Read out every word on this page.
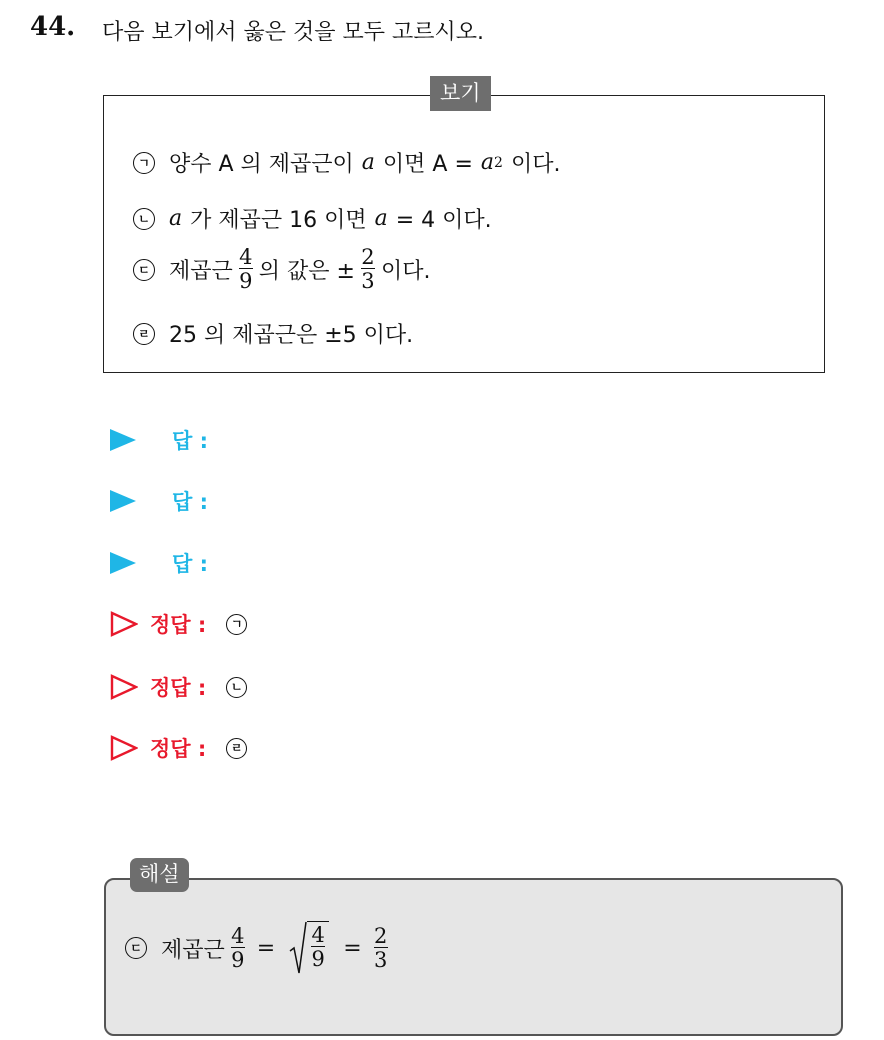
44. 다음 보기에서 옳은 것을 모두 고르시오.
보기
ㄱ 양수 A 의 제곱근이 a 이면 A = a 2 이다.
ㄴ a 가 제곱근 16 이면 a = 4 이다.
ㄷ 제곱근 $\frac{4}{9}$ 의 값은 ± $\frac{2}{3}$ 이다.
ㄹ 25 의 제곱근은 ±5 이다.
답 :
답 :
답 :
정답 :	ㄱ
정답 :	ㄴ
정답 :	ㄹ
해설
ㄷ 제곱근 $\frac{4}{9} = \frac{4}{9} = \frac{2}{3}$
